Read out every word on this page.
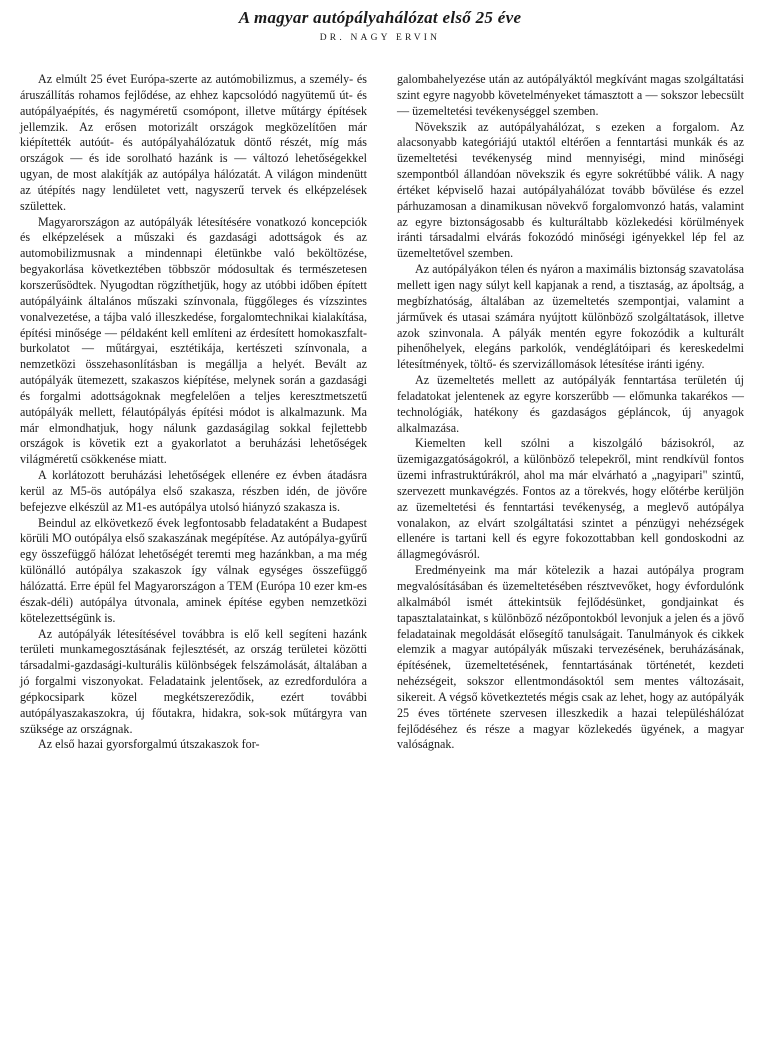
A magyar autópályahálózat első 25 éve
DR. NAGY ERVIN

Az elmúlt 25 évet Európa-szerte az autómobilizmus, a személy- és áruszállítás rohamos fejlődése, az ehhez kapcsolódó nagyütemű út- és autópályaépítés, és nagyméretű csomópont, illetve műtárgy építések jellemzik. Az erősen motorizált országok megközelítően már kiépítették autóút- és autópályahálózatuk döntő részét, míg más országok — és ide sorolható hazánk is — változó lehetőségekkel ugyan, de most alakítják az autópálya hálózatát. A világon mindenütt az útépítés nagy lendületet vett, nagyszerű tervek és elképzelések születtek.

Magyarországon az autópályák létesítésére vonatkozó koncepciók és elképzelések a műszaki és gazdasági adottságok és az automobilizmusnak a mindennapi életünkbe való beköltözése, begyakorlása következtében többször módosultak és természetesen korszerűsödtek. Nyugodtan rögzíthetjük, hogy az utóbbi időben épített autópályáink általános műszaki színvonala, függőleges és vízszintes vonalvezetése, a tájba való illeszkedése, forgalomtechnikai kialakítása, építési minősége — példaként kell említeni az érdesített homokaszfalt-burkolatot — műtárgyai, esztétikája, kertészeti színvonala, a nemzetközi összehasonlításban is megállja a helyét. Bevált az autópályák ütemezett, szakaszos kiépítése, melynek során a gazdasági és forgalmi adottságoknak megfelelően a teljes keresztmetszetű autópályák mellett, félautópályás építési módot is alkalmazunk. Ma már elmondhatjuk, hogy nálunk gazdaságilag sokkal fejlettebb országok is követik ezt a gyakorlatot a beruházási lehetőségek világméretű csökkenése miatt.

A korlátozott beruházási lehetőségek ellenére ez évben átadásra kerül az M5-ös autópálya első szakasza, részben idén, de jövőre befejezve elkészül az M1-es autópálya utolsó hiányzó szakasza is.

Beindul az elkövetkező évek legfontosabb feladataként a Budapest körüli MO outópálya első szakaszának megépítése. Az autópálya-gyűrű egy összefüggő hálózat lehetőségét teremti meg hazánkban, a ma még különálló autópálya szakaszok így válnak egységes összefüggő hálózattá. Erre épül fel Magyarországon a TEM (Európa 10 ezer km-es észak-déli) autópálya útvonala, aminek építése egyben nemzetközi kötelezettségünk is.

Az autópályák létesítésével továbbra is elő kell segíteni hazánk területi munkamegosztásának fejlesztését, az ország területei közötti társadalmi-gazdasági-kulturális különbségek felszámolását, általában a jó forgalmi viszonyokat. Feladataink jelentősek, az ezredfordulóra a gépkocsipark közel megkétszereződik, ezért további autópályaszakaszokra, új főutakra, hidakra, sok-sok műtárgyra van szüksége az országnak.

Az első hazai gyorsforgalmú útszakaszok for-

galombahelyezése után az autópályáktól megkívánt magas szolgáltatási szint egyre nagyobb követelményeket támasztott a — sokszor lebecsült — üzemeltetési tevékenységgel szemben.

Növekszik az autópályahálózat, s ezeken a forgalom. Az alacsonyabb kategóriájú utaktól eltérően a fenntartási munkák és az üzemeltetési tevékenység mind mennyiségi, mind minőségi szempontból állandóan növekszik és egyre sokrétűbbé válik. A nagy értéket képviselő hazai autópályahálózat tovább bővülése és ezzel párhuzamosan a dinamikusan növekvő forgalomvonzó hatás, valamint az egyre biztonságosabb és kulturáltabb közlekedési körülmények iránti társadalmi elvárás fokozódó minőségi igényekkel lép fel az üzemeltetővel szemben.

Az autópályákon télen és nyáron a maximális biztonság szavatolása mellett igen nagy súlyt kell kapjanak a rend, a tisztaság, az ápoltság, a megbízhatóság, általában az üzemeltetés szempontjai, valamint a járművek és utasai számára nyújtott különböző szolgáltatások, illetve azok szinvonala. A pályák mentén egyre fokozódik a kulturált pihenőhelyek, elegáns parkolók, vendéglátóipari és kereskedelmi létesítmények, töltő- és szervizállomások létesítése iránti igény.

Az üzemeltetés mellett az autópályák fenntartása területén új feladatokat jelentenek az egyre korszerűbb — előmunka takarékos — technológiák, hatékony és gazdaságos gépláncok, új anyagok alkalmazása.

Kiemelten kell szólni a kiszolgáló bázisokról, az üzemigazgatóságokról, a különböző telepekről, mint rendkívül fontos üzemi infrastruktúrákról, ahol ma már elvárható a „nagyipari" szintű, szervezett munkavégzés. Fontos az a törekvés, hogy előtérbe kerüljön az üzemeltetési és fenntartási tevékenység, a meglevő autópálya vonalakon, az elvárt szolgáltatási szintet a pénzügyi nehézségek ellenére is tartani kell és egyre fokozottabban kell gondoskodni az állagmegóvásról.

Eredményeink ma már kötelezik a hazai autópálya program megvalósításában és üzemeltetésében résztvevőket, hogy évfordulónk alkalmából ismét áttekintsük fejlődésünket, gondjainkat és tapasztalatainkat, s különböző nézőpontokból levonjuk a jelen és a jövő feladatainak megoldását elősegítő tanulságait. Tanulmányok és cikkek elemzik a magyar autópályák műszaki tervezésének, beruházásának, építésének, üzemeltetésének, fenntartásának történetét, kezdeti nehézségeit, sokszor ellentmondásoktól sem mentes változásait, sikereit. A végső következtetés mégis csak az lehet, hogy az autópályák 25 éves története szervesen illeszkedik a hazai településhálózat fejlődéséhez és része a magyar közlekedés ügyének, a magyar valóságnak.
